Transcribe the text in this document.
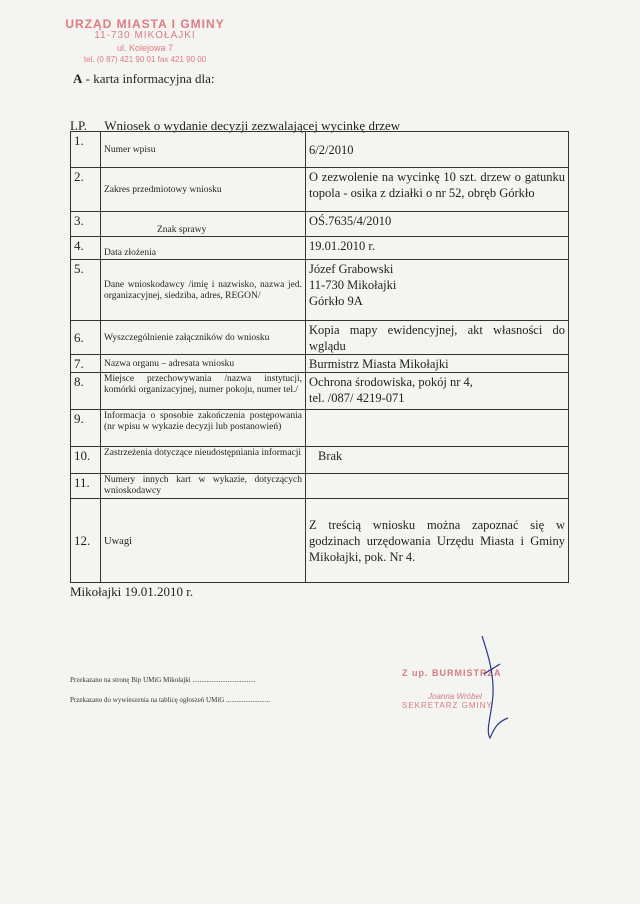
URZĄD MIASTA I GMINY
11-730 MIKOŁAJKI
ul. Kolejowa 7
tel. (0 87) 421 90 01 fax 421 90 00
A - karta informacyjna dla:
LP. Wniosek o wydanie decyzji zezwalającej wycinkę drzew
1.	Numer wpisu	6/2/2010
2.	Zakres przedmiotowy wniosku	O zezwolenie na wycinkę 10 szt. drzew o gatunku topola - osika z działki o nr 52, obręb Górkło
3.	Znak sprawy	OŚ.7635/4/2010
4.	Data złożenia	19.01.2010 r.
5.	Dane wnioskodawcy /imię i nazwisko, nazwa jed. organizacyjnej, siedziba, adres, REGON/	Józef Grabowski
11-730 Mikołajki
Górkło 9A

6.	Wyszczególnienie załączników do wniosku	Kopia mapy ewidencyjnej, akt własności do wglądu
7.	Nazwa organu – adresata wniosku	Burmistrz Miasta Mikołajki
8.	Miejsce przechowywania /nazwa instytucji, komórki organizacyjnej, numer pokoju, numer tel./	Ochrona środowiska, pokój nr 4,
tel. /087/ 4219-071

9.	Informacja o sposobie zakończenia postępowania (nr wpisu w wykazie decyzji lub postanowień)	
10.	Zastrzeżenia dotyczące nieudostępniania informacji	Brak
11.	Numery innych kart w wykazie, dotyczących wnioskodawcy	
12.	Uwagi	Z treścią wniosku można zapoznać się w godzinach urzędowania Urzędu Miasta i Gminy Mikołajki, pok. Nr 4.
Mikołajki 19.01.2010 r.
Przekazano na stronę Bip UMiG Mikołajki ....................................
Przekazano do wywieszenia na tablicę ogłoszeń UMiG .........................
Z up. BURMISTRZA
Joanna Wróbel
SEKRETARZ GMINY
